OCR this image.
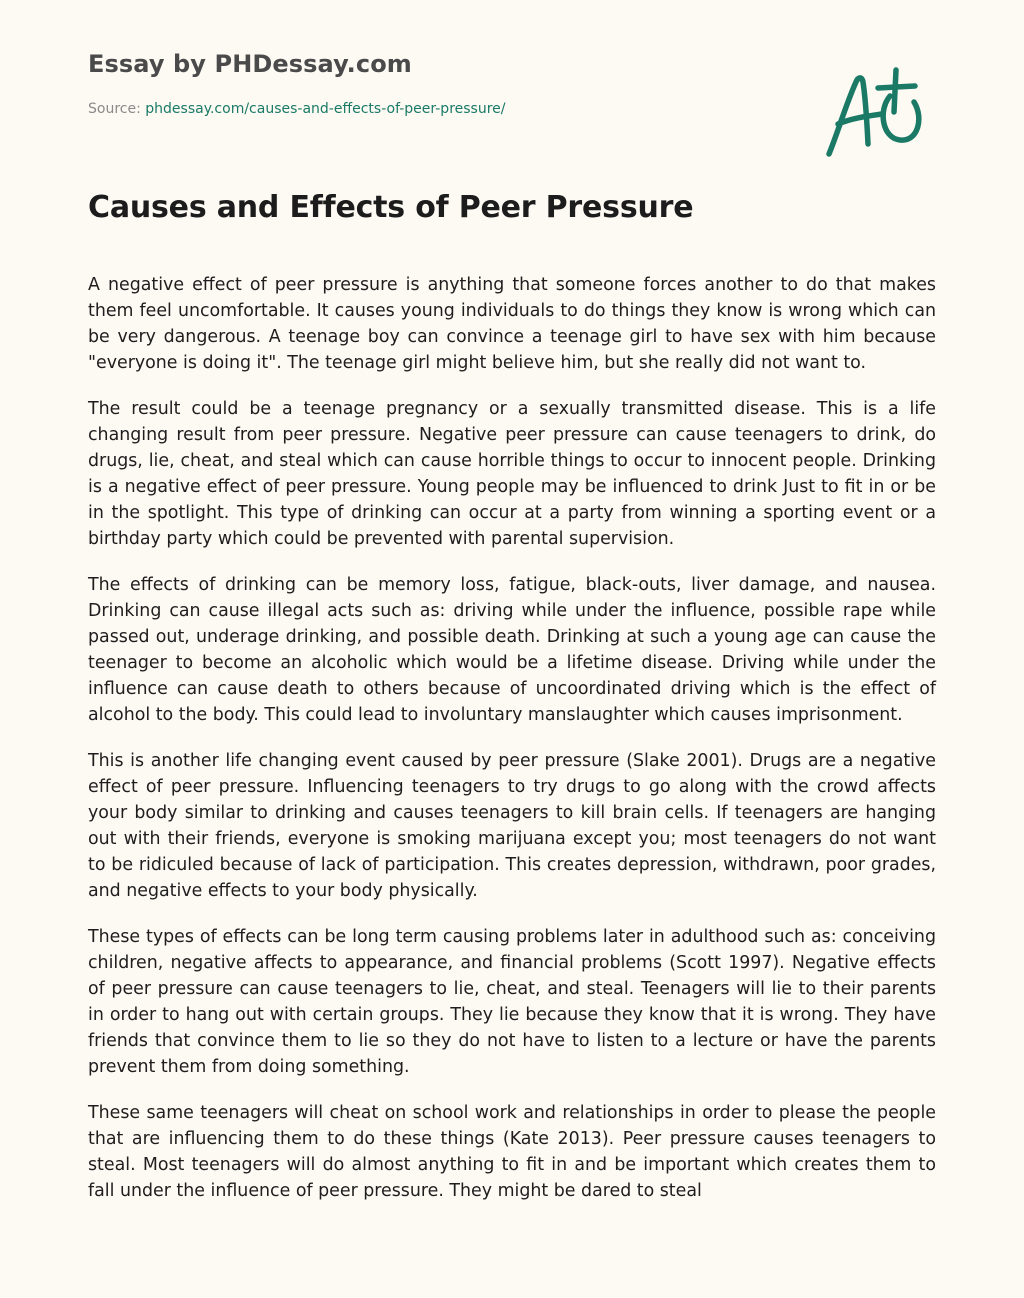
Essay by PHDessay.com
Source: phdessay.com/causes-and-effects-of-peer-pressure/
Causes and Effects of Peer Pressure

A negative effect of peer pressure is anything that someone forces another to do that makes them feel uncomfortable. It causes young individuals to do things they know is wrong which can be very dangerous. A teenage boy can convince a teenage girl to have sex with him because "everyone is doing it". The teenage girl might believe him, but she really did not want to.

The result could be a teenage pregnancy or a sexually transmitted disease. This is a life changing result from peer pressure. Negative peer pressure can cause teenagers to drink, do drugs, lie, cheat, and steal which can cause horrible things to occur to innocent people. Drinking is a negative effect of peer pressure. Young people may be influenced to drink Just to fit in or be in the spotlight. This type of drinking can occur at a party from winning a sporting event or a birthday party which could be prevented with parental supervision.

The effects of drinking can be memory loss, fatigue, black-outs, liver damage, and nausea. Drinking can cause illegal acts such as: driving while under the influence, possible rape while passed out, underage drinking, and possible death. Drinking at such a young age can cause the teenager to become an alcoholic which would be a lifetime disease. Driving while under the influence can cause death to others because of uncoordinated driving which is the effect of alcohol to the body. This could lead to involuntary manslaughter which causes imprisonment.

This is another life changing event caused by peer pressure (Slake 2001). Drugs are a negative effect of peer pressure. Influencing teenagers to try drugs to go along with the crowd affects your body similar to drinking and causes teenagers to kill brain cells. If teenagers are hanging out with their friends, everyone is smoking marijuana except you; most teenagers do not want to be ridiculed because of lack of participation. This creates depression, withdrawn, poor grades, and negative effects to your body physically.

These types of effects can be long term causing problems later in adulthood such as: conceiving children, negative affects to appearance, and financial problems (Scott 1997). Negative effects of peer pressure can cause teenagers to lie, cheat, and steal. Teenagers will lie to their parents in order to hang out with certain groups. They lie because they know that it is wrong. They have friends that convince them to lie so they do not have to listen to a lecture or have the parents prevent them from doing something.

These same teenagers will cheat on school work and relationships in order to please the people that are influencing them to do these things (Kate 2013). Peer pressure causes teenagers to steal. Most teenagers will do almost anything to fit in and be important which creates them to fall under the influence of peer pressure. They might be dared to steal
